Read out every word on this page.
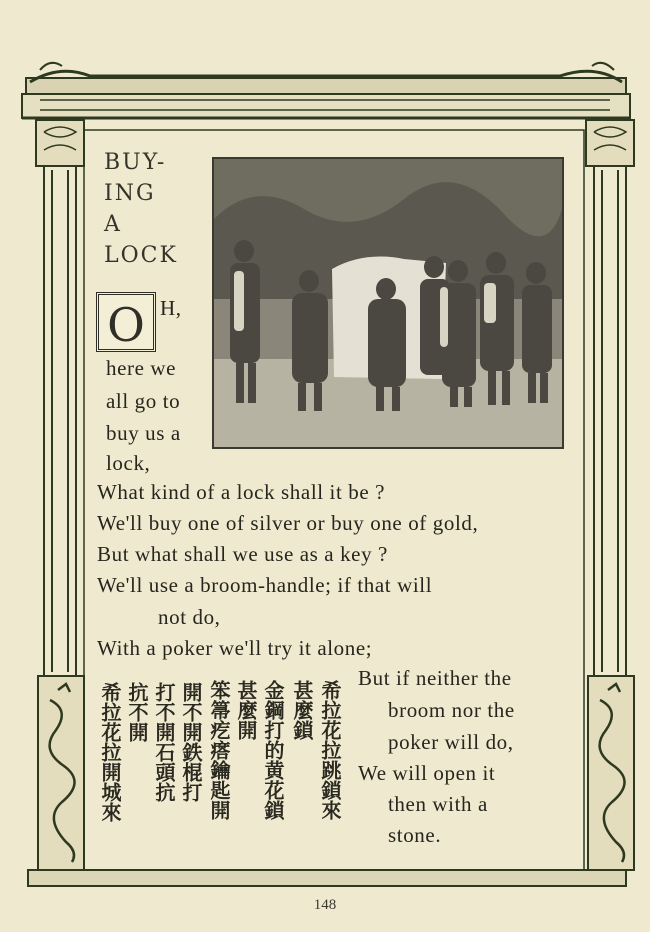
BUY-
ING
A
LOCK
O H,
here we
all go to
buy us a
lock,
What kind of a lock shall it be ?
We'll buy one of silver or buy one of gold,
But what shall we use as a key ?
We'll use a broom-handle; if that will
not do,
With a poker we'll try it alone;
But if neither the
broom nor the
poker will do,
We will open it
then with a
stone.
希拉花拉跳鎖來
甚麼鎖
金鋼打的黄花鎖
甚麼開
笨箒疙瘩鑰匙開
開不開鉄棍打
打不開石頭抗
抗不開
希拉花拉開城來
148
